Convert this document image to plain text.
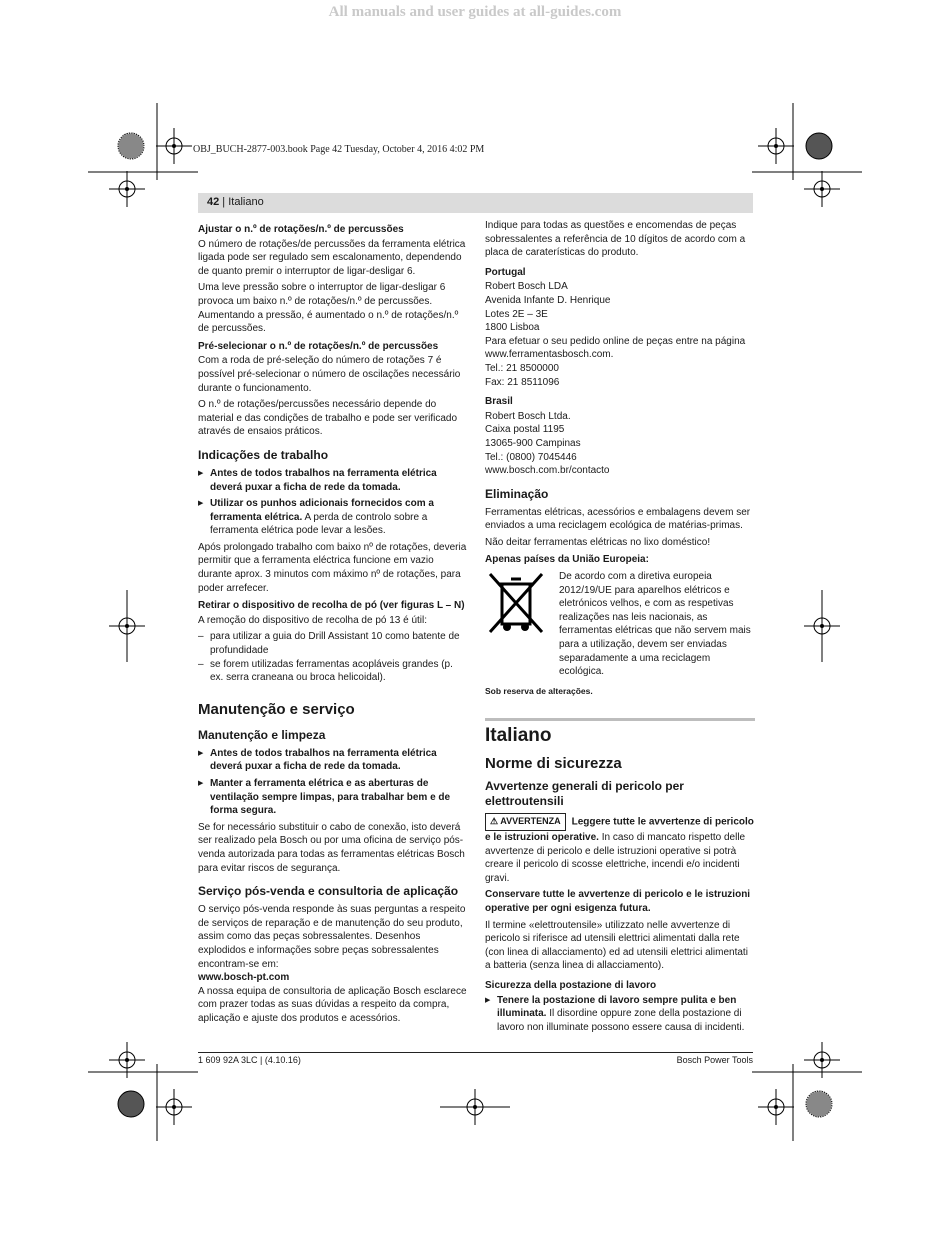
All manuals and user guides at all-guides.com
OBJ_BUCH-2877-003.book Page 42 Tuesday, October 4, 2016 4:02 PM
42 | Italiano
Ajustar o n.º de rotações/n.º de percussões

O número de rotações/de percussões da ferramenta elétrica ligada pode ser regulado sem escalonamento, dependendo de quanto premir o interruptor de ligar-desligar 6.

Uma leve pressão sobre o interruptor de ligar-desligar 6 provoca um baixo n.º de rotações/n.º de percussões. Aumentando a pressão, é aumentado o n.º de rotações/n.º de percussões.

Pré-selecionar o n.º de rotações/n.º de percussões

Com a roda de pré-seleção do número de rotações 7 é possível pré-selecionar o número de oscilações necessário durante o funcionamento.

O n.º de rotações/percussões necessário depende do material e das condições de trabalho e pode ser verificado através de ensaios práticos.

Indicações de trabalho

▶ Antes de todos trabalhos na ferramenta elétrica deverá puxar a ficha de rede da tomada.

▶ Utilizar os punhos adicionais fornecidos com a ferramenta elétrica. A perda de controlo sobre a ferramenta elétrica pode levar a lesões.

Após prolongado trabalho com baixo nº de rotações, deveria permitir que a ferramenta eléctrica funcione em vazio durante aprox. 3 minutos com máximo nº de rotações, para poder arrefecer.

Retirar o dispositivo de recolha de pó (ver figuras L – N)

A remoção do dispositivo de recolha de pó 13 é útil:

– para utilizar a guia do Drill Assistant 10 como batente de profundidade

– se forem utilizadas ferramentas acopláveis grandes (p. ex. serra craneana ou broca helicoidal).

Manutenção e serviço
Manutenção e limpeza

▶ Antes de todos trabalhos na ferramenta elétrica deverá puxar a ficha de rede da tomada.

▶ Manter a ferramenta elétrica e as aberturas de ventilação sempre limpas, para trabalhar bem e de forma segura.

Se for necessário substituir o cabo de conexão, isto deverá ser realizado pela Bosch ou por uma oficina de serviço pós-venda autorizada para todas as ferramentas elétricas Bosch para evitar riscos de segurança.

Serviço pós-venda e consultoria de aplicação

O serviço pós-venda responde às suas perguntas a respeito de serviços de reparação e de manutenção do seu produto, assim como das peças sobressalentes. Desenhos explodidos e informações sobre peças sobressalentes encontram-se em:

www.bosch-pt.com

A nossa equipa de consultoria de aplicação Bosch esclarece com prazer todas as suas dúvidas a respeito da compra, aplicação e ajuste dos produtos e acessórios.

Indique para todas as questões e encomendas de peças sobressalentes a referência de 10 dígitos de acordo com a placa de caraterísticas do produto.

Portugal
Robert Bosch LDA
Avenida Infante D. Henrique
Lotes 2E – 3E
1800 Lisboa
Para efetuar o seu pedido online de peças entre na página www.ferramentasbosch.com.
Tel.: 21 8500000
Fax: 21 8511096
Brasil
Robert Bosch Ltda.
Caixa postal 1195
13065-900 Campinas
Tel.: (0800) 7045446
www.bosch.com.br/contacto
Eliminação

Ferramentas elétricas, acessórios e embalagens devem ser enviados a uma reciclagem ecológica de matérias-primas.

Não deitar ferramentas elétricas no lixo doméstico!

Apenas países da União Europeia:
De acordo com a diretiva europeia 2012/19/UE para aparelhos elétricos e eletrónicos velhos, e com as respetivas realizações nas leis nacionais, as ferramentas elétricas que não servem mais para a utilização, devem ser enviadas separadamente a uma reciclagem ecológica.

Sob reserva de alterações.

Italiano
Norme di sicurezza
Avvertenze generali di pericolo per elettroutensili

⚠ AVVERTENZA Leggere tutte le avvertenze di pericolo e le istruzioni operative. In caso di mancato rispetto delle avvertenze di pericolo e delle istruzioni operative si potrà creare il pericolo di scosse elettriche, incendi e/o incidenti gravi.

Conservare tutte le avvertenze di pericolo e le istruzioni operative per ogni esigenza futura.

Il termine «elettroutensile» utilizzato nelle avvertenze di pericolo si riferisce ad utensili elettrici alimentati dalla rete (con linea di allacciamento) ed ad utensili elettrici alimentati a batteria (senza linea di allacciamento).

Sicurezza della postazione di lavoro

▶ Tenere la postazione di lavoro sempre pulita e ben illuminata. Il disordine oppure zone della postazione di lavoro non illuminate possono essere causa di incidenti.

1 609 92A 3LC | (4.10.16)	Bosch Power Tools
